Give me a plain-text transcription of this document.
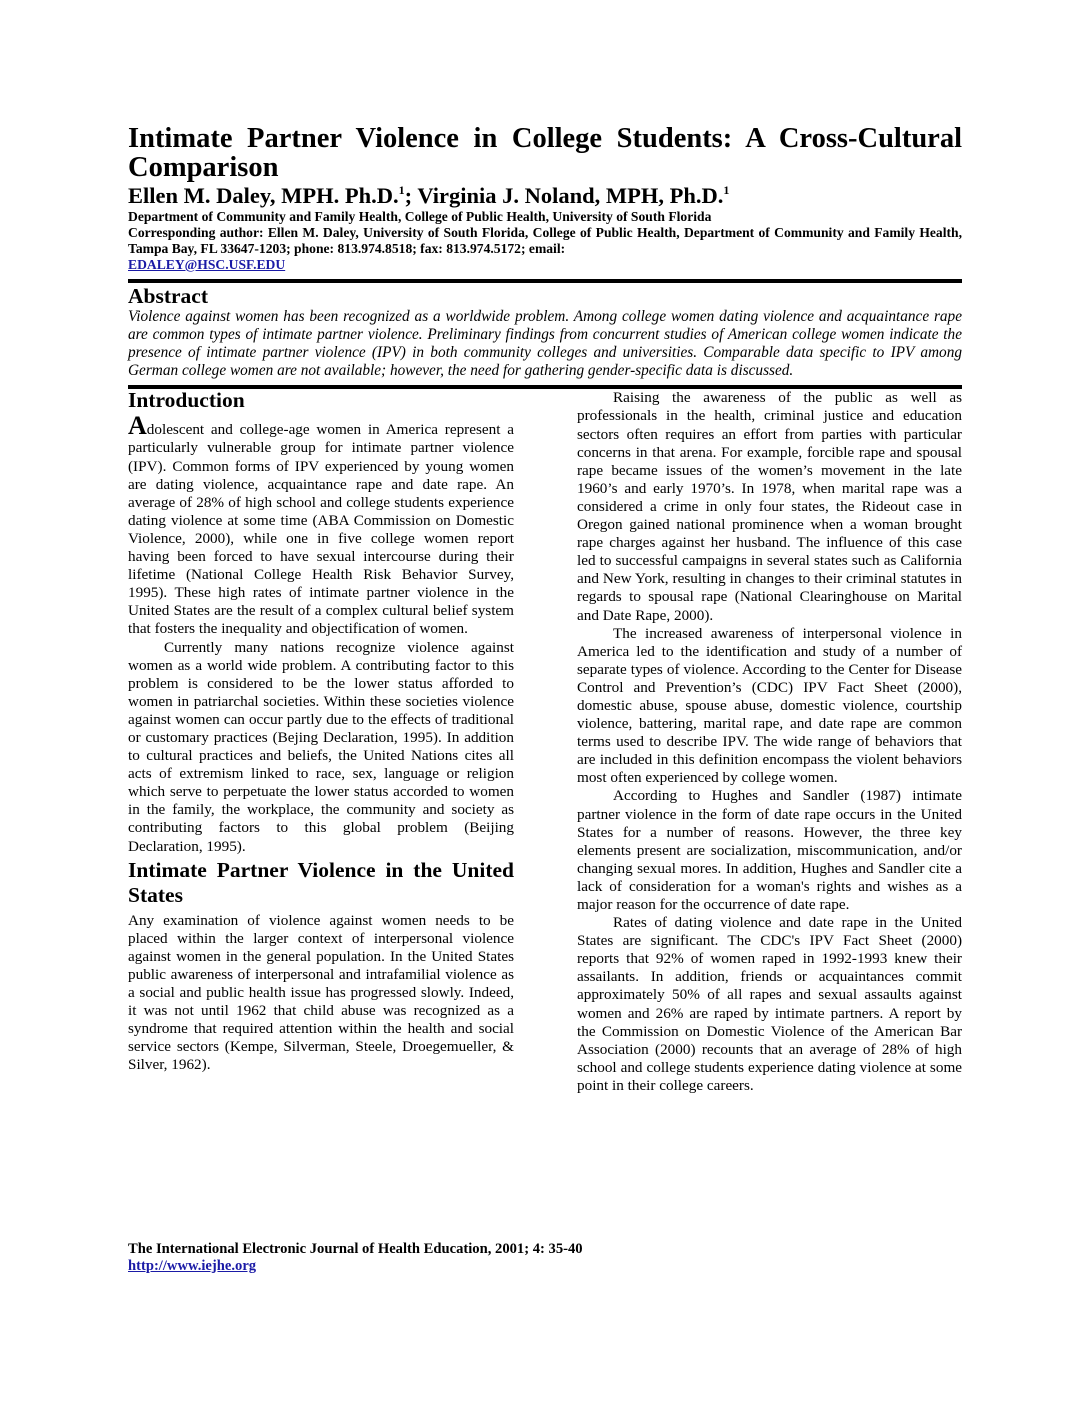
Intimate Partner Violence in College Students: A Cross-Cultural Comparison
Ellen M. Daley, MPH. Ph.D.$^1$; Virginia J. Noland, MPH, Ph.D.$^1$

Department of Community and Family Health, College of Public Health, University of South Florida

Corresponding author: Ellen M. Daley, University of South Florida, College of Public Health, Department of Community and Family Health, Tampa Bay, FL 33647-1203; phone: 813.974.8518; fax: 813.974.5172; email:
EDALEY@HSC.USF.EDU

Abstract

Violence against women has been recognized as a worldwide problem. Among college women dating violence and acquaintance rape are common types of intimate partner violence. Preliminary findings from concurrent studies of American college women indicate the presence of intimate partner violence (IPV) in both community colleges and universities. Comparable data specific to IPV among German college women are not available; however, the need for gathering gender-specific data is discussed.

Introduction

Adolescent and college-age women in America represent a particularly vulnerable group for intimate partner violence (IPV). Common forms of IPV experienced by young women are dating violence, acquaintance rape and date rape. An average of 28% of high school and college students experience dating violence at some time (ABA Commission on Domestic Violence, 2000), while one in five college women report having been forced to have sexual intercourse during their lifetime (National College Health Risk Behavior Survey, 1995). These high rates of intimate partner violence in the United States are the result of a complex cultural belief system that fosters the inequality and objectification of women.

Currently many nations recognize violence against women as a world wide problem. A contributing factor to this problem is considered to be the lower status afforded to women in patriarchal societies. Within these societies violence against women can occur partly due to the effects of traditional or customary practices (Bejing Declaration, 1995). In addition to cultural practices and beliefs, the United Nations cites all acts of extremism linked to race, sex, language or religion which serve to perpetuate the lower status accorded to women in the family, the workplace, the community and society as contributing factors to this global problem (Beijing Declaration, 1995).

Intimate Partner Violence in the United States

Any examination of violence against women needs to be placed within the larger context of interpersonal violence against women in the general population. In the United States public awareness of interpersonal and intrafamilial violence as a social and public health issue has progressed slowly. Indeed, it was not until 1962 that child abuse was recognized as a syndrome that required attention within the health and social service sectors (Kempe, Silverman, Steele, Droegemueller, & Silver, 1962).

Raising the awareness of the public as well as professionals in the health, criminal justice and education sectors often requires an effort from parties with particular concerns in that arena. For example, forcible rape and spousal rape became issues of the women’s movement in the late 1960’s and early 1970’s. In 1978, when marital rape was a considered a crime in only four states, the Rideout case in Oregon gained national prominence when a woman brought rape charges against her husband. The influence of this case led to successful campaigns in several states such as California and New York, resulting in changes to their criminal statutes in regards to spousal rape (National Clearinghouse on Marital and Date Rape, 2000).

The increased awareness of interpersonal violence in America led to the identification and study of a number of separate types of violence. According to the Center for Disease Control and Prevention’s (CDC) IPV Fact Sheet (2000), domestic abuse, spouse abuse, domestic violence, courtship violence, battering, marital rape, and date rape are common terms used to describe IPV. The wide range of behaviors that are included in this definition encompass the violent behaviors most often experienced by college women.

According to Hughes and Sandler (1987) intimate partner violence in the form of date rape occurs in the United States for a number of reasons. However, the three key elements present are socialization, miscommunication, and/or changing sexual mores. In addition, Hughes and Sandler cite a lack of consideration for a woman's rights and wishes as a major reason for the occurrence of date rape.

Rates of dating violence and date rape in the United States are significant. The CDC's IPV Fact Sheet (2000) reports that 92% of women raped in 1992-1993 knew their assailants. In addition, friends or acquaintances commit approximately 50% of all rapes and sexual assaults against women and 26% are raped by intimate partners. A report by the Commission on Domestic Violence of the American Bar Association (2000) recounts that an average of 28% of high school and college students experience dating violence at some point in their college careers.

The International Electronic Journal of Health Education, 2001; 4: 35-40
http://www.iejhe.org
